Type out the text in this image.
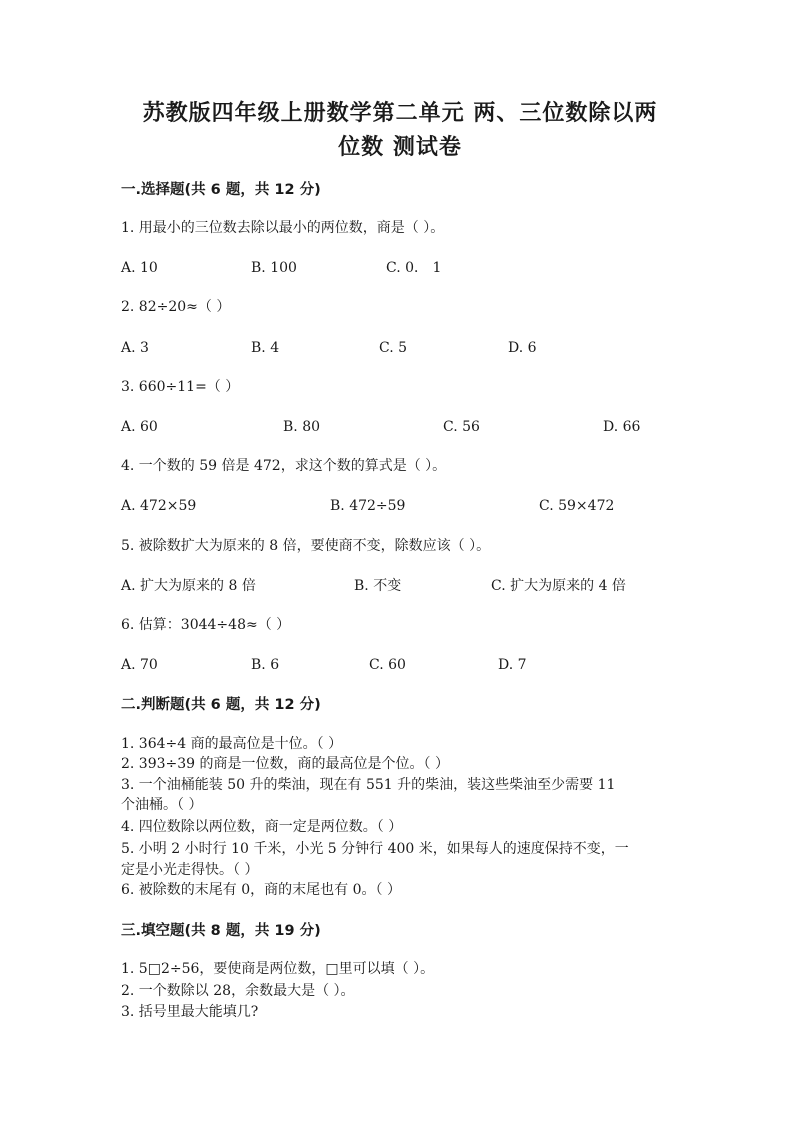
苏教版四年级上册数学第二单元 两、三位数除以两
位数 测试卷
一.选择题(共 6 题，共 12 分)
1. 用最小的三位数去除以最小的两位数，商是（ ）。
A. 10	B. 100	C. 0． 1
2. 82÷20≈（ ）
A. 3	B. 4	C. 5	D. 6
3. 660÷11=（ ）
A. 60	B. 80	C. 56	D. 66
4. 一个数的 59 倍是 472，求这个数的算式是（ ）。
A. 472×59	B. 472÷59	C. 59×472
5. 被除数扩大为原来的 8 倍，要使商不变，除数应该（ ）。
A. 扩大为原来的 8 倍	B. 不变	C. 扩大为原来的 4 倍
6. 估算：3044÷48≈（ ）
A. 70	B. 6	C. 60	D. 7
二.判断题(共 6 题，共 12 分)
1. 364÷4 商的最高位是十位。（ ）
2. 393÷39 的商是一位数，商的最高位是个位。（ ）
3. 一个油桶能装 50 升的柴油，现在有 551 升的柴油，装这些柴油至少需要 11
个油桶。（ ）
4. 四位数除以两位数，商一定是两位数。（ ）
5. 小明 2 小时行 10 千米，小光 5 分钟行 400 米，如果每人的速度保持不变，一
定是小光走得快。（ ）
6. 被除数的末尾有 0，商的末尾也有 0。（ ）
三.填空题(共 8 题，共 19 分)
1. 5□2÷56，要使商是两位数，□里可以填（ ）。
2. 一个数除以 28，余数最大是（ ）。
3. 括号里最大能填几?
